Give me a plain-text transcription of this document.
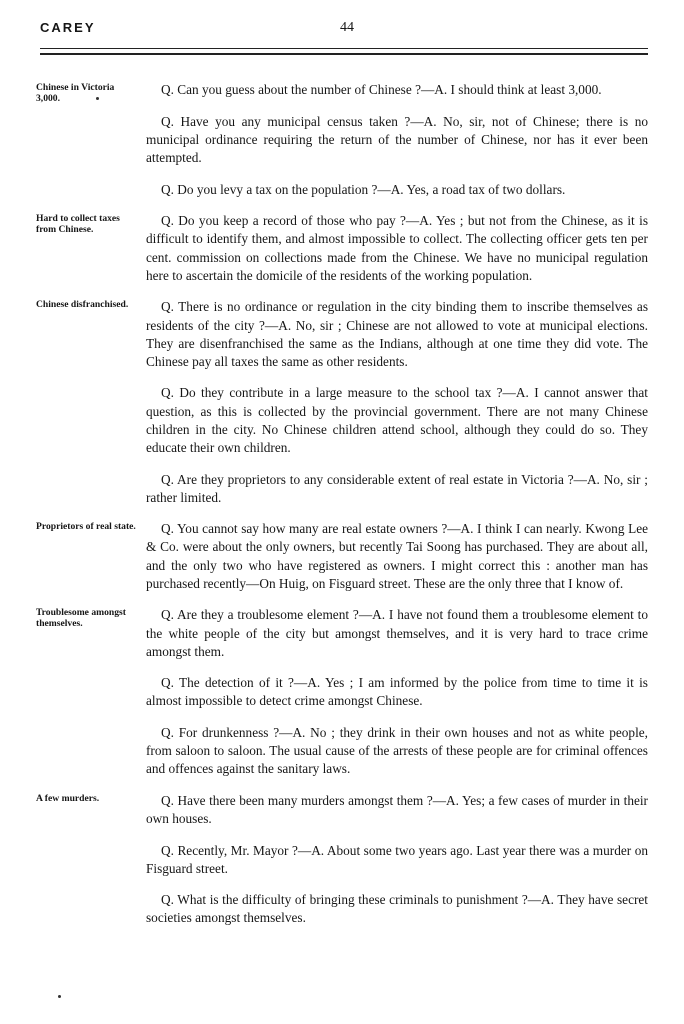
CAREY	44
Chinese in Victoria 3,000.

Q. Can you guess about the number of Chinese ?—A. I should think at least 3,000.

Q. Have you any municipal census taken ?—A. No, sir, not of Chinese; there is no municipal ordinance requiring the return of the number of Chinese, nor has it ever been attempted.

Q. Do you levy a tax on the population ?—A. Yes, a road tax of two dollars.

Hard to collect taxes from Chinese.

Q. Do you keep a record of those who pay ?—A. Yes ; but not from the Chinese, as it is difficult to identify them, and almost impossible to collect. The collecting officer gets ten per cent. commission on collections made from the Chinese. We have no municipal regulation here to ascertain the domicile of the residents of the working population.

Chinese disfranchised.	Q. There is no ordinance or regulation in the city binding them to inscribe themselves as residents of the city ?—A. No, sir ; Chinese are not allowed to vote at municipal elections. They are disenfranchised the same as the Indians, although at one time they did vote. The Chinese pay all taxes the same as other residents.

Q. Do they contribute in a large measure to the school tax ?—A. I cannot answer that question, as this is collected by the provincial government. There are not many Chinese children in the city. No Chinese children attend school, although they could do so. They educate their own children.

Q. Are they proprietors to any considerable extent of real estate in Victoria ?—A. No, sir ; rather limited.

Proprietors of real state.	Q. You cannot say how many are real estate owners ?—A. I think I can nearly. Kwong Lee & Co. were about the only owners, but recently Tai Soong has purchased. They are about all, and the only two who have registered as owners. I might correct this : another man has purchased recently—On Huig, on Fisguard street. These are the only three that I know of.

Troublesome amongst themselves.

Q. Are they a troublesome element ?—A. I have not found them a troublesome element to the white people of the city but amongst themselves, and it is very hard to trace crime amongst them.

Q. The detection of it ?—A. Yes ; I am informed by the police from time to time it is almost impossible to detect crime amongst Chinese.

Q. For drunkenness ?—A. No ; they drink in their own houses and not as white people, from saloon to saloon. The usual cause of the arrests of these people are for criminal offences and offences against the sanitary laws.

A few murders.	Q. Have there been many murders amongst them ?—A. Yes; a few cases of murder in their own houses.

Q. Recently, Mr. Mayor ?—A. About some two years ago. Last year there was a murder on Fisguard street.

Q. What is the difficulty of bringing these criminals to punishment ?—A. They have secret societies amongst themselves.
